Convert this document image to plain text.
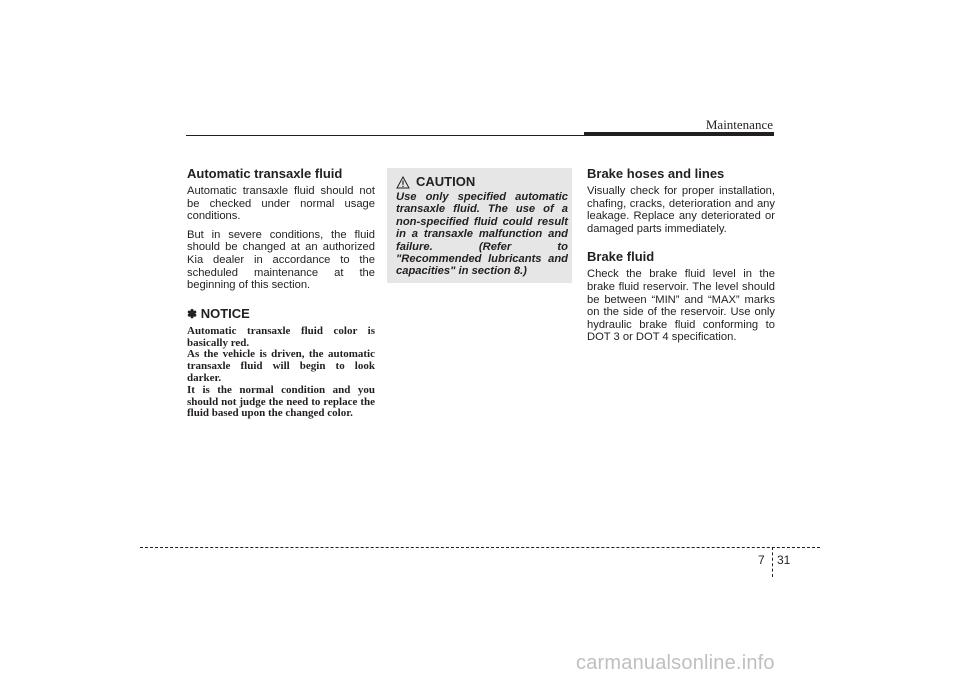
Maintenance
Automatic transaxle fluid

Automatic transaxle fluid should not be checked under normal usage conditions.

But in severe conditions, the fluid should be changed at an authorized Kia dealer in accordance to the scheduled maintenance at the beginning of this section.

✽ NOTICE

Automatic transaxle fluid color is basically red.

As the vehicle is driven, the automatic transaxle fluid will begin to look darker.

It is the normal condition and you should not judge the need to replace the fluid based upon the changed color.

CAUTION

Use only specified automatic transaxle fluid. The use of a non-specified fluid could result in a transaxle malfunction and failure. (Refer to "Recommended lubricants and capacities" in section 8.)

Brake hoses and lines

Visually check for proper installation, chafing, cracks, deterioration and any leakage. Replace any deteriorated or damaged parts immediately.

Brake fluid

Check the brake fluid level in the brake fluid reservoir. The level should be between “MIN” and “MAX” marks on the side of the reservoir. Use only hydraulic brake fluid conforming to DOT 3 or DOT 4 specification.

7 31
carmanualsonline.info
